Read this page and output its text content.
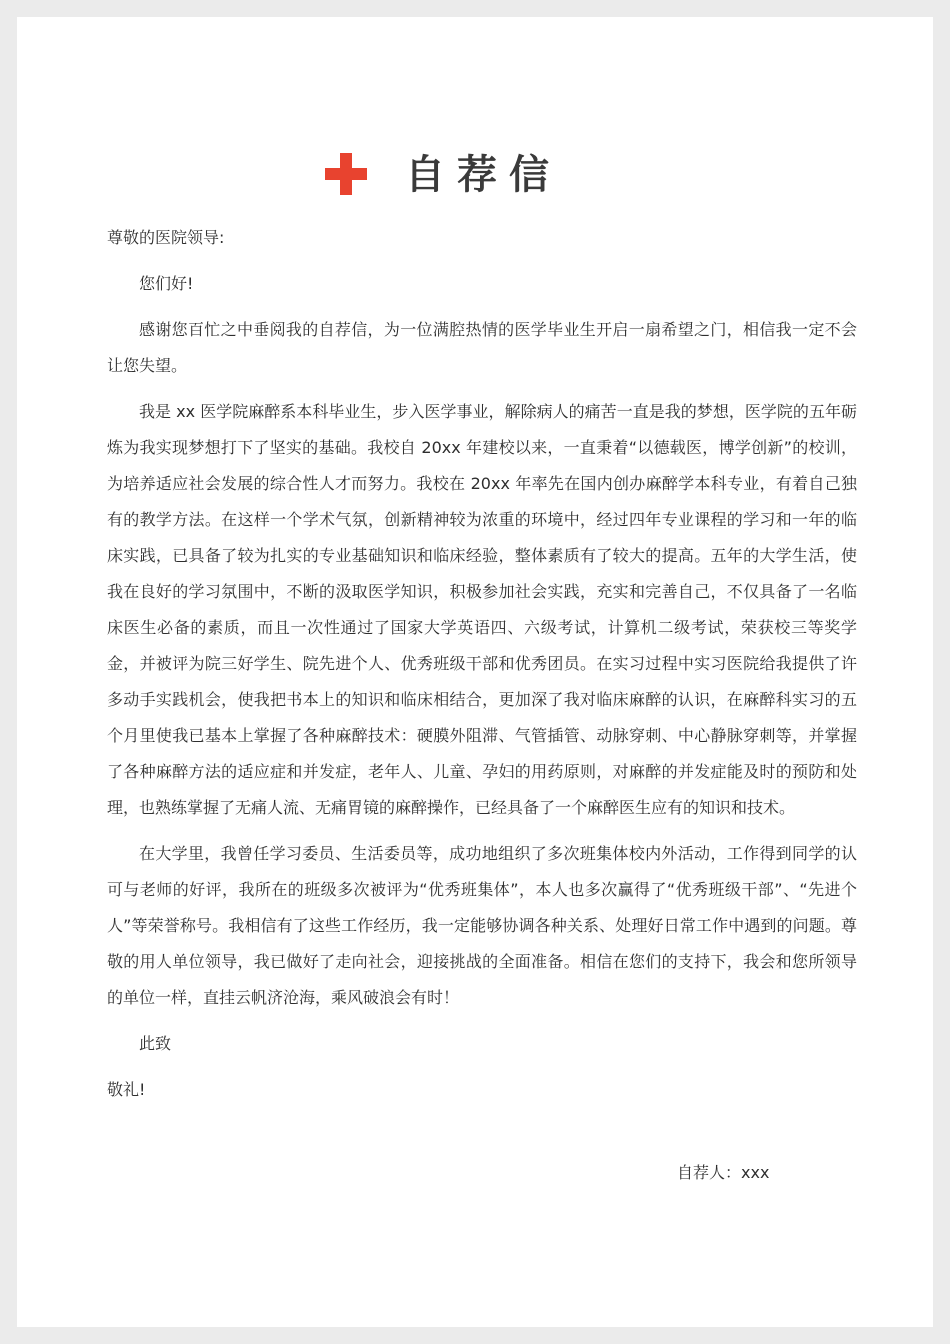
自荐信

尊敬的医院领导:

您们好!

感谢您百忙之中垂阅我的自荐信，为一位满腔热情的医学毕业生开启一扇希望之门，相信我一定不会让您失望。

我是 xx 医学院麻醉系本科毕业生，步入医学事业，解除病人的痛苦一直是我的梦想，医学院的五年砺炼为我实现梦想打下了坚实的基础。我校自 20xx 年建校以来，一直秉着“以德载医，博学创新”的校训，为培养适应社会发展的综合性人才而努力。我校在 20xx 年率先在国内创办麻醉学本科专业，有着自己独有的教学方法。在这样一个学术气氛，创新精神较为浓重的环境中，经过四年专业课程的学习和一年的临床实践，已具备了较为扎实的专业基础知识和临床经验，整体素质有了较大的提高。五年的大学生活，使我在良好的学习氛围中，不断的汲取医学知识，积极参加社会实践，充实和完善自己，不仅具备了一名临床医生必备的素质，而且一次性通过了国家大学英语四、六级考试，计算机二级考试，荣获校三等奖学金，并被评为院三好学生、院先进个人、优秀班级干部和优秀团员。在实习过程中实习医院给我提供了许多动手实践机会，使我把书本上的知识和临床相结合，更加深了我对临床麻醉的认识，在麻醉科实习的五个月里使我已基本上掌握了各种麻醉技术：硬膜外阻滞、气管插管、动脉穿刺、中心静脉穿刺等，并掌握了各种麻醉方法的适应症和并发症，老年人、儿童、孕妇的用药原则，对麻醉的并发症能及时的预防和处理，也熟练掌握了无痛人流、无痛胃镜的麻醉操作，已经具备了一个麻醉医生应有的知识和技术。

在大学里，我曾任学习委员、生活委员等，成功地组织了多次班集体校内外活动，工作得到同学的认可与老师的好评，我所在的班级多次被评为“优秀班集体”，本人也多次赢得了“优秀班级干部”、“先进个人”等荣誉称号。我相信有了这些工作经历，我一定能够协调各种关系、处理好日常工作中遇到的问题。尊敬的用人单位领导，我已做好了走向社会，迎接挑战的全面准备。相信在您们的支持下，我会和您所领导的单位一样，直挂云帆济沧海，乘风破浪会有时！

此致

敬礼!

自荐人：xxx
